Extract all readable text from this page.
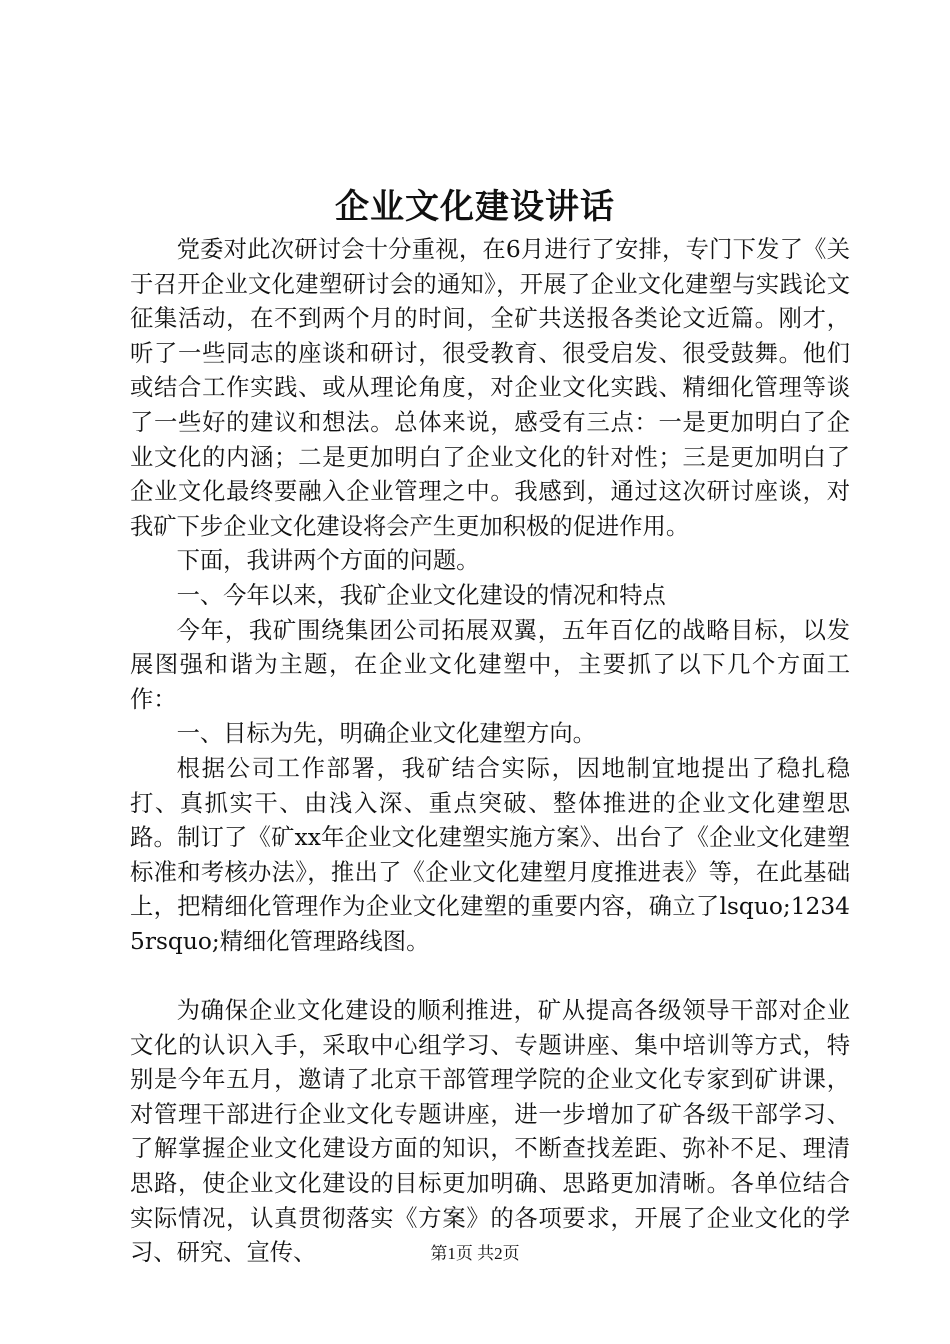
企业文化建设讲话

党委对此次研讨会十分重视，在6月进行了安排，专门下发了《关于召开企业文化建塑研讨会的通知》，开展了企业文化建塑与实践论文征集活动，在不到两个月的时间，全矿共送报各类论文近篇。刚才，听了一些同志的座谈和研讨，很受教育、很受启发、很受鼓舞。他们或结合工作实践、或从理论角度，对企业文化实践、精细化管理等谈了一些好的建议和想法。总体来说，感受有三点：一是更加明白了企业文化的内涵；二是更加明白了企业文化的针对性；三是更加明白了企业文化最终要融入企业管理之中。我感到，通过这次研讨座谈，对我矿下步企业文化建设将会产生更加积极的促进作用。

下面，我讲两个方面的问题。

一、今年以来，我矿企业文化建设的情况和特点

今年，我矿围绕集团公司拓展双翼，五年百亿的战略目标，以发展图强和谐为主题，在企业文化建塑中，主要抓了以下几个方面工作：

一、目标为先，明确企业文化建塑方向。

根据公司工作部署，我矿结合实际，因地制宜地提出了稳扎稳打、真抓实干、由浅入深、重点突破、整体推进的企业文化建塑思路。制订了《矿xx年企业文化建塑实施方案》、出台了《企业文化建塑标准和考核办法》，推出了《企业文化建塑月度推进表》等，在此基础上，把精细化管理作为企业文化建塑的重要内容，确立了lsquo;12345rsquo;精细化管理路线图。

为确保企业文化建设的顺利推进，矿从提高各级领导干部对企业文化的认识入手，采取中心组学习、专题讲座、集中培训等方式，特别是今年五月，邀请了北京干部管理学院的企业文化专家到矿讲课，对管理干部进行企业文化专题讲座，进一步增加了矿各级干部学习、了解掌握企业文化建设方面的知识，不断查找差距、弥补不足、理清思路，使企业文化建设的目标更加明确、思路更加清晰。各单位结合实际情况，认真贯彻落实《方案》的各项要求，开展了企业文化的学习、研究、宣传、	第1页 共2页
